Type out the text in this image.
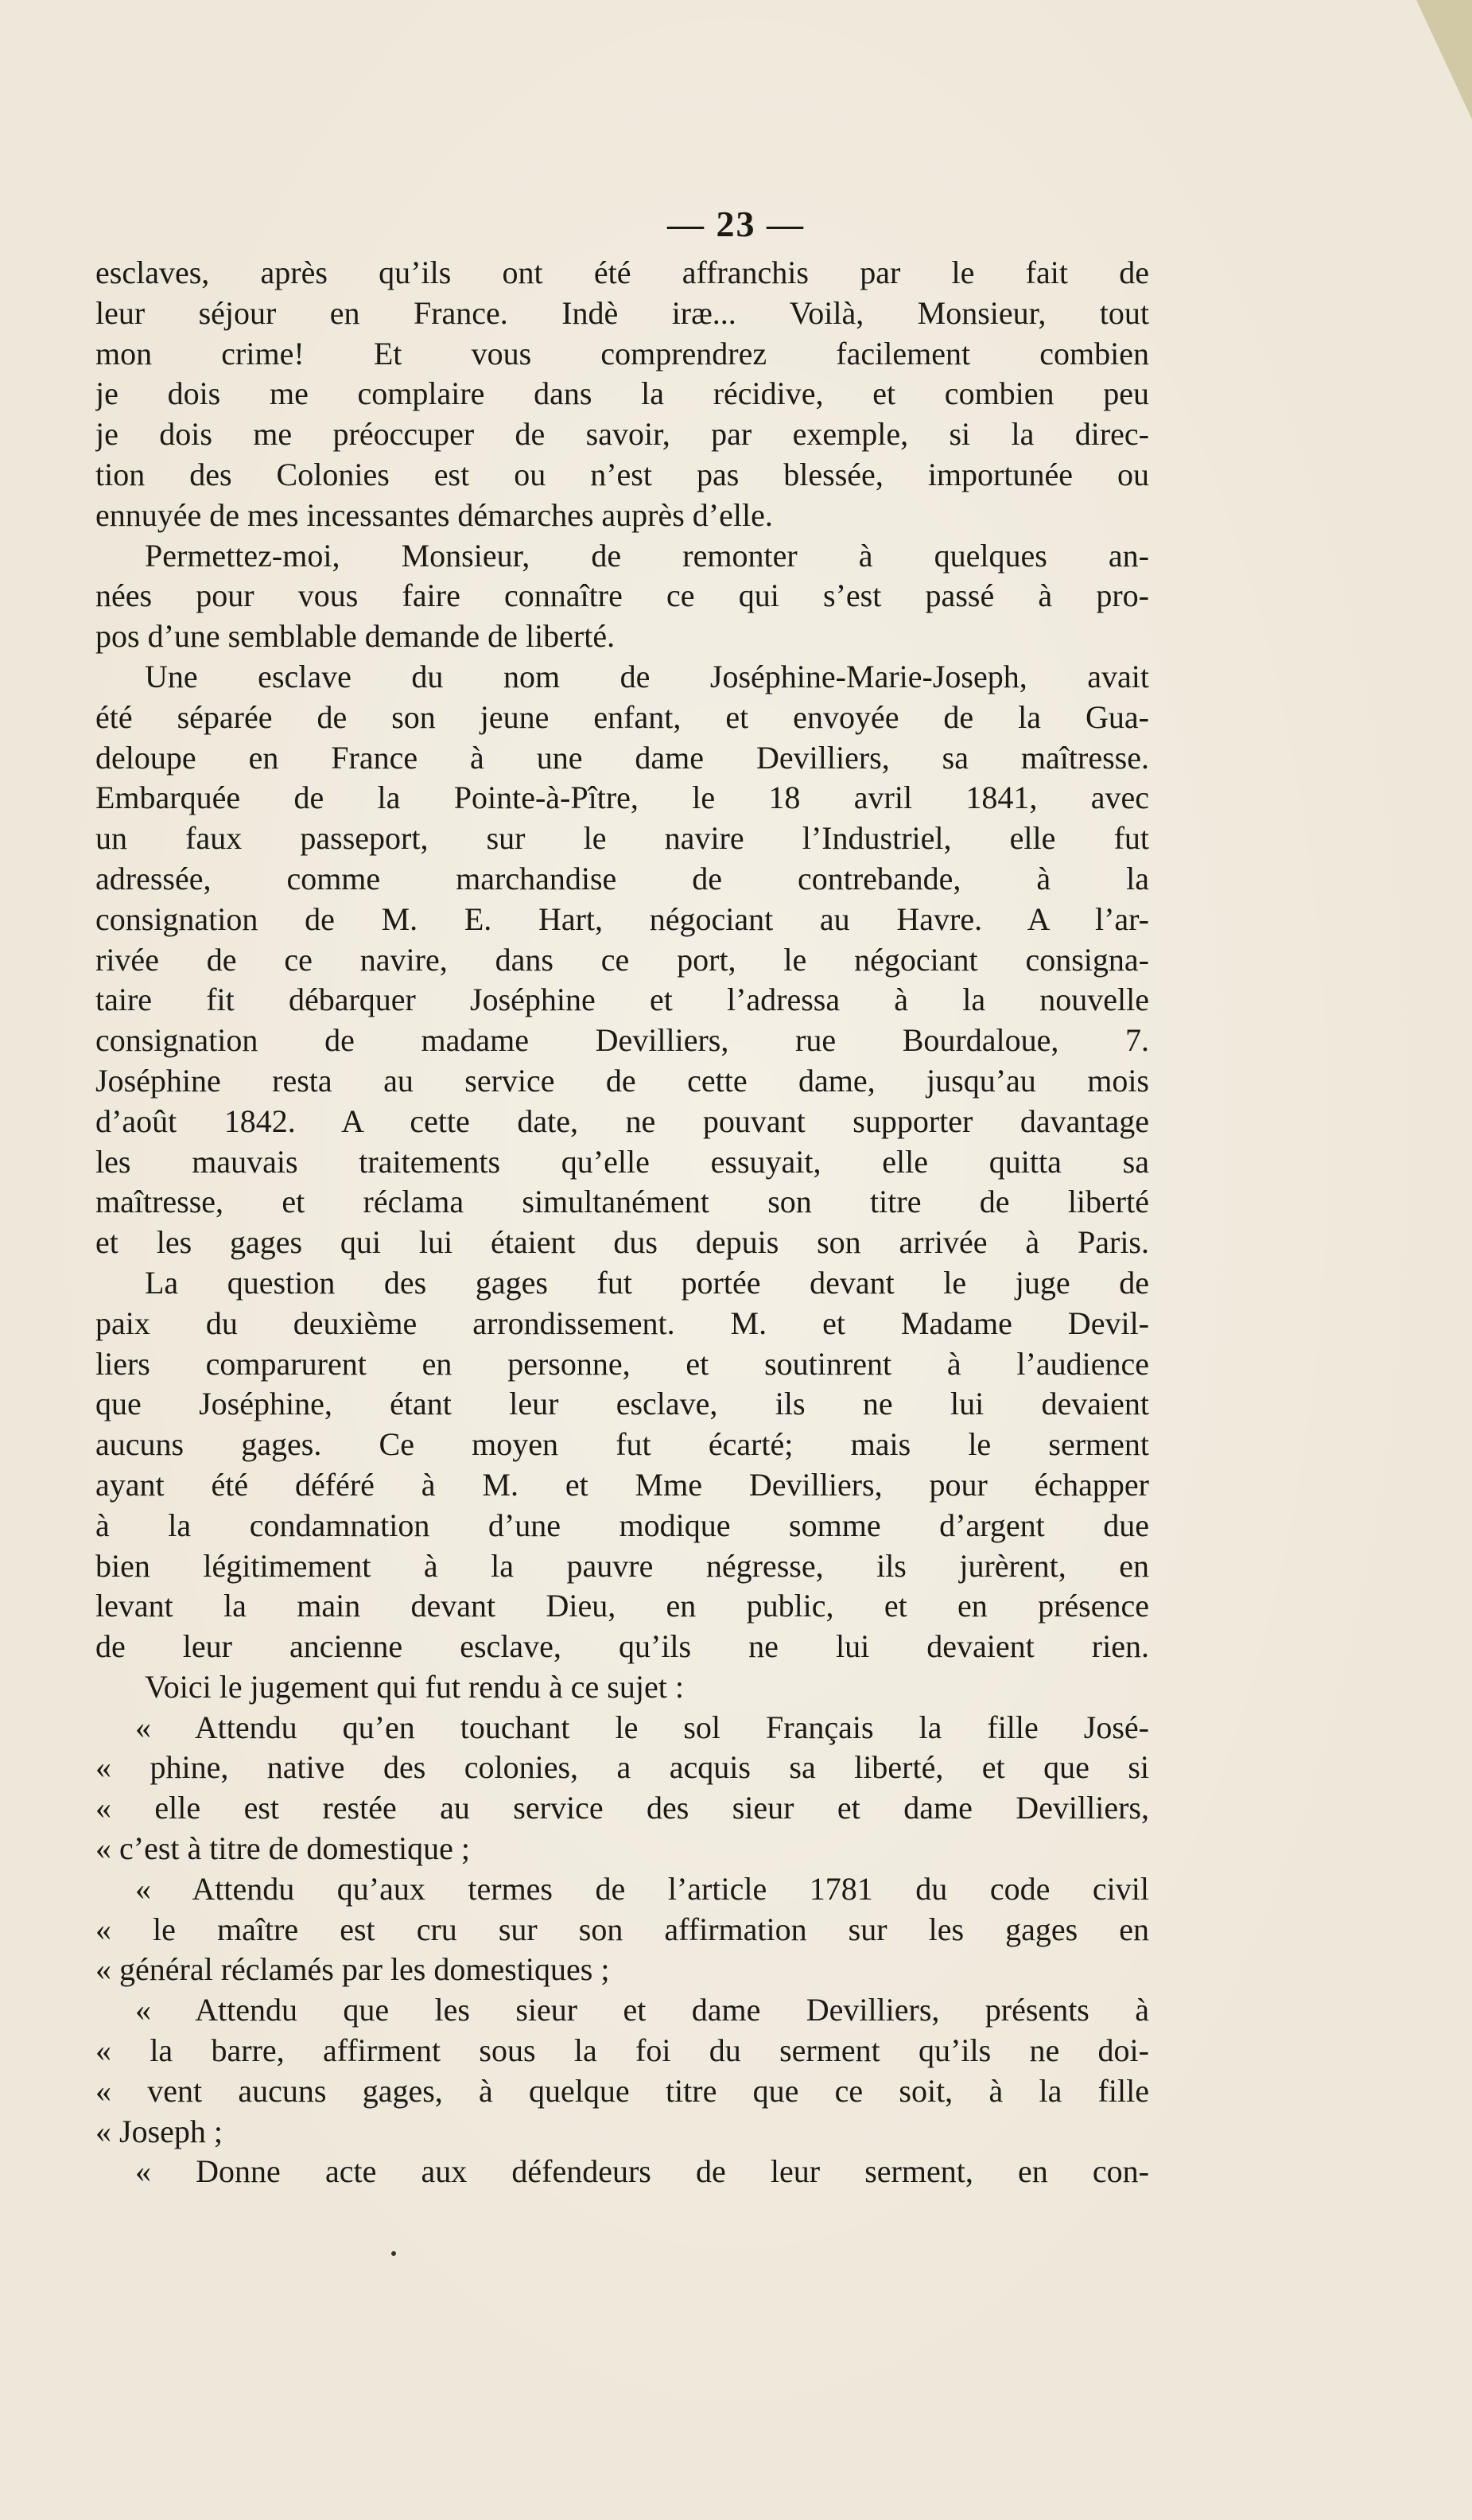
— 23 —
esclaves, après qu’ils ont été affranchis par le fait de
leur séjour en France. Indè iræ... Voilà, Monsieur, tout
mon crime! Et vous comprendrez facilement combien
je dois me complaire dans la récidive, et combien peu
je dois me préoccuper de savoir, par exemple, si la direc-
tion des Colonies est ou n’est pas blessée, importunée ou
ennuyée de mes incessantes démarches auprès d’elle.
Permettez-moi, Monsieur, de remonter à quelques an-
nées pour vous faire connaître ce qui s’est passé à pro-
pos d’une semblable demande de liberté.
Une esclave du nom de Joséphine-Marie-Joseph, avait
été séparée de son jeune enfant, et envoyée de la Gua-
deloupe en France à une dame Devilliers, sa maîtresse.
Embarquée de la Pointe-à-Pître, le 18 avril 1841, avec
un faux passeport, sur le navire l’Industriel, elle fut
adressée, comme marchandise de contrebande, à la
consignation de M. E. Hart, négociant au Havre. A l’ar-
rivée de ce navire, dans ce port, le négociant consigna-
taire fit débarquer Joséphine et l’adressa à la nouvelle
consignation de madame Devilliers, rue Bourdaloue, 7.
Joséphine resta au service de cette dame, jusqu’au mois
d’août 1842. A cette date, ne pouvant supporter davantage
les mauvais traitements qu’elle essuyait, elle quitta sa
maîtresse, et réclama simultanément son titre de liberté
et les gages qui lui étaient dus depuis son arrivée à Paris.
La question des gages fut portée devant le juge de
paix du deuxième arrondissement. M. et Madame Devil-
liers comparurent en personne, et soutinrent à l’audience
que Joséphine, étant leur esclave, ils ne lui devaient
aucuns gages. Ce moyen fut écarté; mais le serment
ayant été déféré à M. et Mme Devilliers, pour échapper
à la condamnation d’une modique somme d’argent due
bien légitimement à la pauvre négresse, ils jurèrent, en
levant la main devant Dieu, en public, et en présence
de leur ancienne esclave, qu’ils ne lui devaient rien.
Voici le jugement qui fut rendu à ce sujet :
« Attendu qu’en touchant le sol Français la fille José-
« phine, native des colonies, a acquis sa liberté, et que si
« elle est restée au service des sieur et dame Devilliers,
« c’est à titre de domestique ;
« Attendu qu’aux termes de l’article 1781 du code civil
« le maître est cru sur son affirmation sur les gages en
« général réclamés par les domestiques ;
« Attendu que les sieur et dame Devilliers, présents à
« la barre, affirment sous la foi du serment qu’ils ne doi-
« vent aucuns gages, à quelque titre que ce soit, à la fille
« Joseph ;
« Donne acte aux défendeurs de leur serment, en con-
